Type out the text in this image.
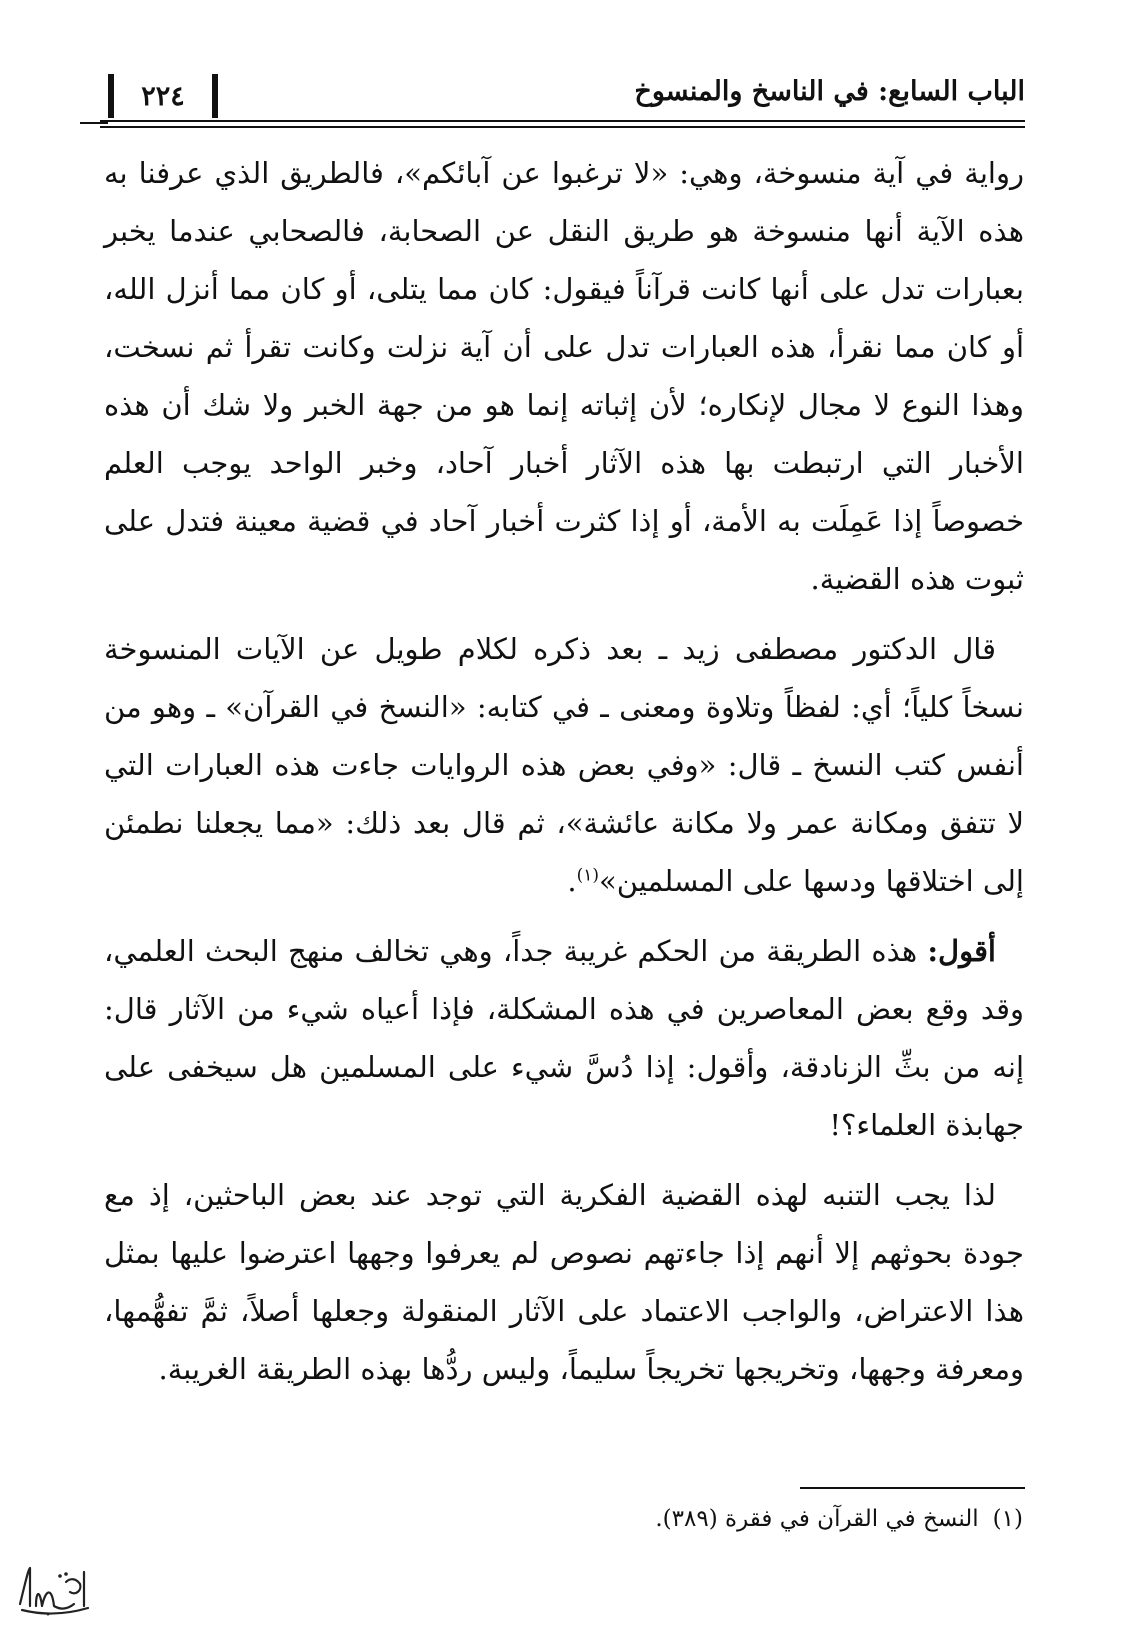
الباب السابع: في الناسخ والمنسوخ
٢٢٤

رواية في آية منسوخة، وهي: «لا ترغبوا عن آبائكم»، فالطريق الذي عرفنا به هذه الآية أنها منسوخة هو طريق النقل عن الصحابة، فالصحابي عندما يخبر بعبارات تدل على أنها كانت قرآناً فيقول: كان مما يتلى، أو كان مما أنزل الله، أو كان مما نقرأ، هذه العبارات تدل على أن آية نزلت وكانت تقرأ ثم نسخت، وهذا النوع لا مجال لإنكاره؛ لأن إثباته إنما هو من جهة الخبر ولا شك أن هذه الأخبار التي ارتبطت بها هذه الآثار أخبار آحاد، وخبر الواحد يوجب العلم خصوصاً إذا عَمِلَت به الأمة، أو إذا كثرت أخبار آحاد في قضية معينة فتدل على ثبوت هذه القضية.

قال الدكتور مصطفى زيد ـ بعد ذكره لكلام طويل عن الآيات المنسوخة نسخاً كلياً؛ أي: لفظاً وتلاوة ومعنى ـ في كتابه: «النسخ في القرآن» ـ وهو من أنفس كتب النسخ ـ قال: «وفي بعض هذه الروايات جاءت هذه العبارات التي لا تتفق ومكانة عمر ولا مكانة عائشة»، ثم قال بعد ذلك: «مما يجعلنا نطمئن إلى اختلاقها ودسها على المسلمين»$^{(١)}$.

أقول: هذه الطريقة من الحكم غريبة جداً، وهي تخالف منهج البحث العلمي، وقد وقع بعض المعاصرين في هذه المشكلة، فإذا أعياه شيء من الآثار قال: إنه من بثِّ الزنادقة، وأقول: إذا دُسَّ شيء على المسلمين هل سيخفى على جهابذة العلماء؟!

لذا يجب التنبه لهذه القضية الفكرية التي توجد عند بعض الباحثين، إذ مع جودة بحوثهم إلا أنهم إذا جاءتهم نصوص لم يعرفوا وجهها اعترضوا عليها بمثل هذا الاعتراض، والواجب الاعتماد على الآثار المنقولة وجعلها أصلاً، ثمَّ تفهُّمها، ومعرفة وجهها، وتخريجها تخريجاً سليماً، وليس ردُّها بهذه الطريقة الغريبة.

(١)النسخ في القرآن في فقرة (٣٨٩).
